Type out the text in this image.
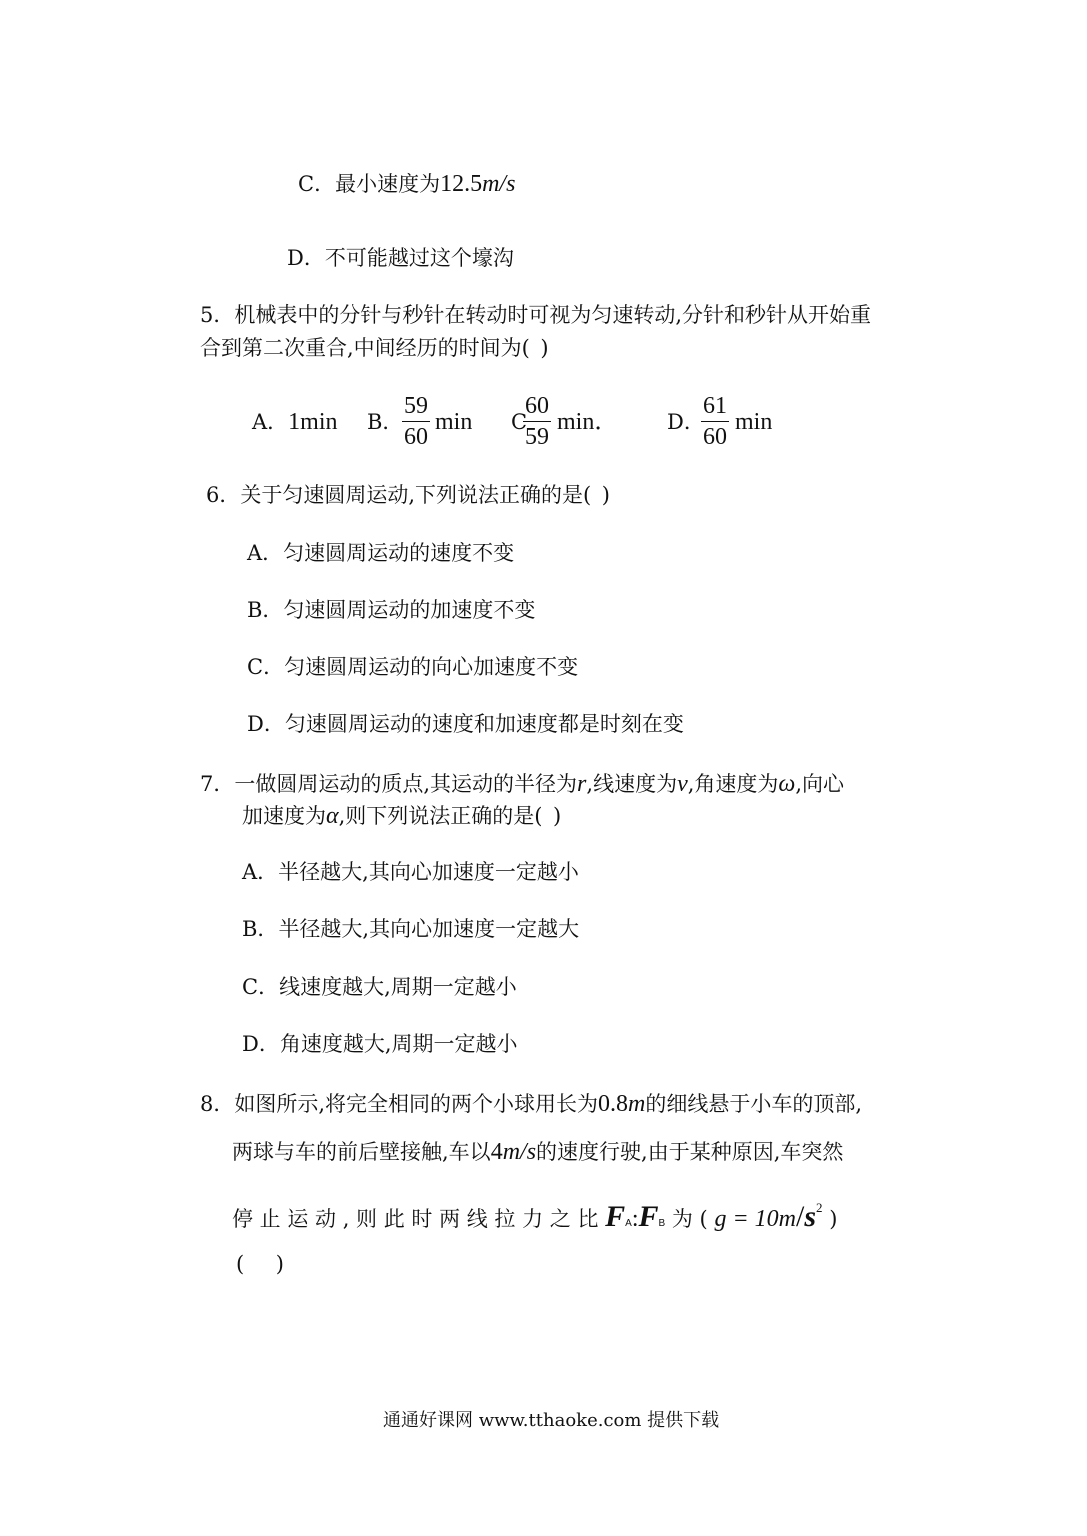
C．最小速度为12.5m/s
D．不可能越过这个壕沟
5．机械表中的分针与秒针在转动时可视为匀速转动,分针和秒针从开始重
合到第二次重合,中间经历的时间为( )
A．1min B．
$\frac{59}{60}$ min C
$\frac{60}{59}$ min． D．
$\frac{61}{60}$ min
6．关于匀速圆周运动,下列说法正确的是( )
A．匀速圆周运动的速度不变
B．匀速圆周运动的加速度不变
C．匀速圆周运动的向心加速度不变
D．匀速圆周运动的速度和加速度都是时刻在变
7．一做圆周运动的质点,其运动的半径为r,线速度为v,角速度为ω,向心
加速度为α,则下列说法正确的是( )
A．半径越大,其向心加速度一定越小
B．半径越大,其向心加速度一定越大
C．线速度越大,周期一定越小
D．角速度越大,周期一定越小
8．如图所示,将完全相同的两个小球用长为0.8m的细线悬于小车的顶部,
两球与车的前后壁接触,车以4m/s的速度行驶,由于某种原因,车突然
停 止 运 动 , 则 此 时 两 线 拉 力 之 比 FA:FB 为 ( $g = 10m/s^2$ )
(  )
通通好课网 www.tthaoke.com 提供下载
